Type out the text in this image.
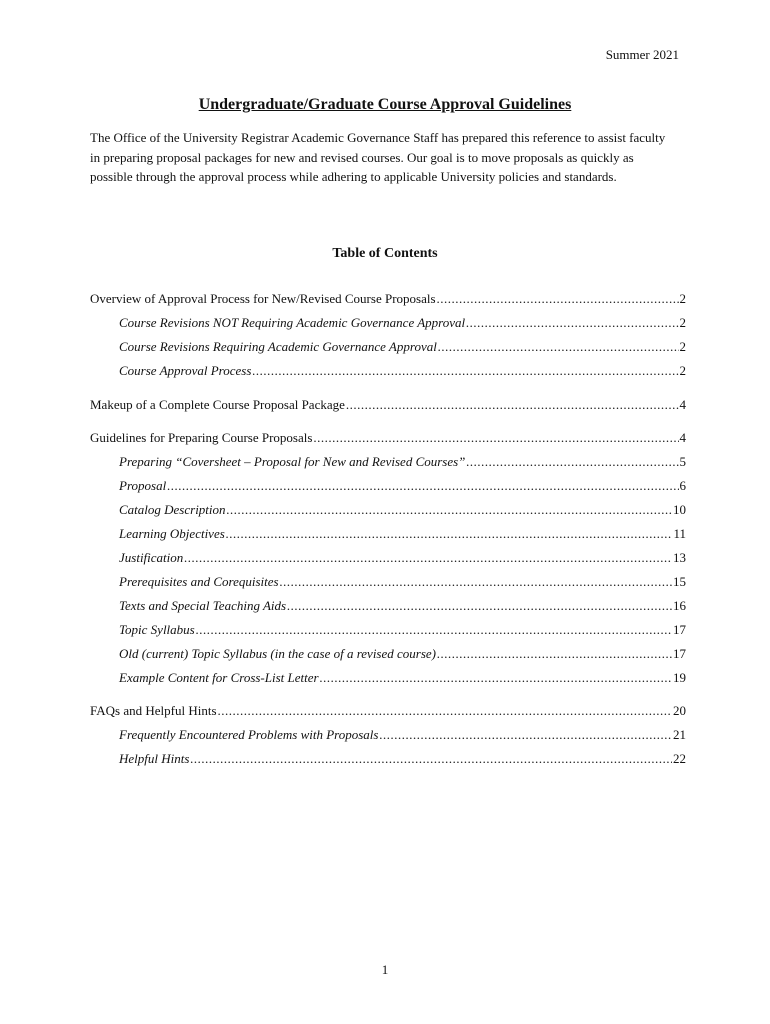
Summer 2021
Undergraduate/Graduate Course Approval Guidelines

The Office of the University Registrar Academic Governance Staff has prepared this reference to assist faculty in preparing proposal packages for new and revised courses. Our goal is to move proposals as quickly as possible through the approval process while adhering to applicable University policies and standards.

Table of Contents
Overview of Approval Process for New/Revised Course Proposals .....	2
Course Revisions NOT Requiring Academic Governance Approval .....	2
Course Revisions Requiring Academic Governance Approval .....	2
Course Approval Process .....	2
Makeup of a Complete Course Proposal Package .....	4
Guidelines for Preparing Course Proposals .....	4
Preparing “Coversheet – Proposal for New and Revised Courses” .....	5
Proposal .....	6
Catalog Description .....	10
Learning Objectives .....	11
Justification .....	13
Prerequisites and Corequisites .....	15
Texts and Special Teaching Aids .....	16
Topic Syllabus .....	17
Old (current) Topic Syllabus (in the case of a revised course) .....	17
Example Content for Cross-List Letter .....	19
FAQs and Helpful Hints .....	20
Frequently Encountered Problems with Proposals .....	21
Helpful Hints .....	22
1
